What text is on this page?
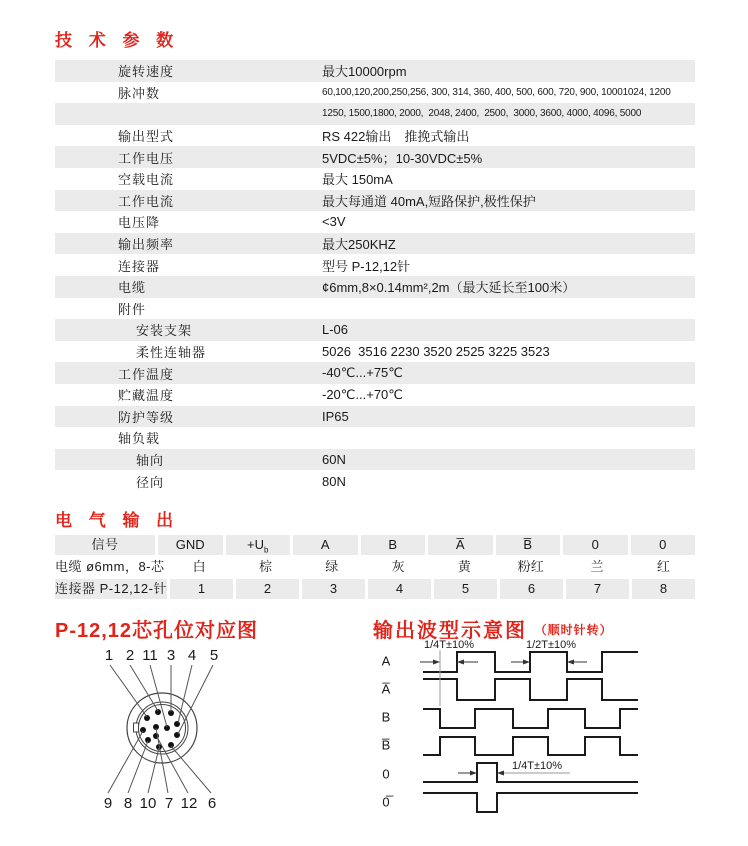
技 术 参 数
旋转速度	最大10000rpm
脉冲数	60,100,120,200,250,256, 300, 314, 360, 400, 500, 600, 720, 900, 10001024, 1200
1250, 1500,1800, 2000,  2048, 2400,  2500,  3000, 3600, 4000, 4096, 5000
输出型式	RS 422输出　推挽式输出
工作电压	5VDC±5%；10-30VDC±5%
空载电流	最大 150mA
工作电流	最大每通道 40mA,短路保护,极性保护
电压降	<3V
输出频率	最大250KHZ
连接器	型号 P-12,12针
电缆	¢6mm,8×0.14mm²,2m（最大延长至100米）
附件
安装支架	L-06
柔性连轴器	5026  3516 2230 3520 2525 3225 3523
工作温度	-40℃...+75℃
贮藏温度	-20℃...+70℃
防护等级	IP65
轴负载
轴向	60N
径向	80N
电 气 输 出
信号	GND	$+U_b$	A	B	A̅	B̅	0	0
电缆 ø6mm，8-芯	白	棕	绿	灰	黄	粉红	兰	红
连接器 P-12,12-针	1	2	3	4	5	6	7	8
P-12,12芯孔位对应图	输出波型示意图 （顺时针转）
1 2 11 3 4 5
9 8 10 7 12 6
A
A̅
B
B̅
0
0̅
1/4T±10%	1/2T±10%
1/4T±10%
